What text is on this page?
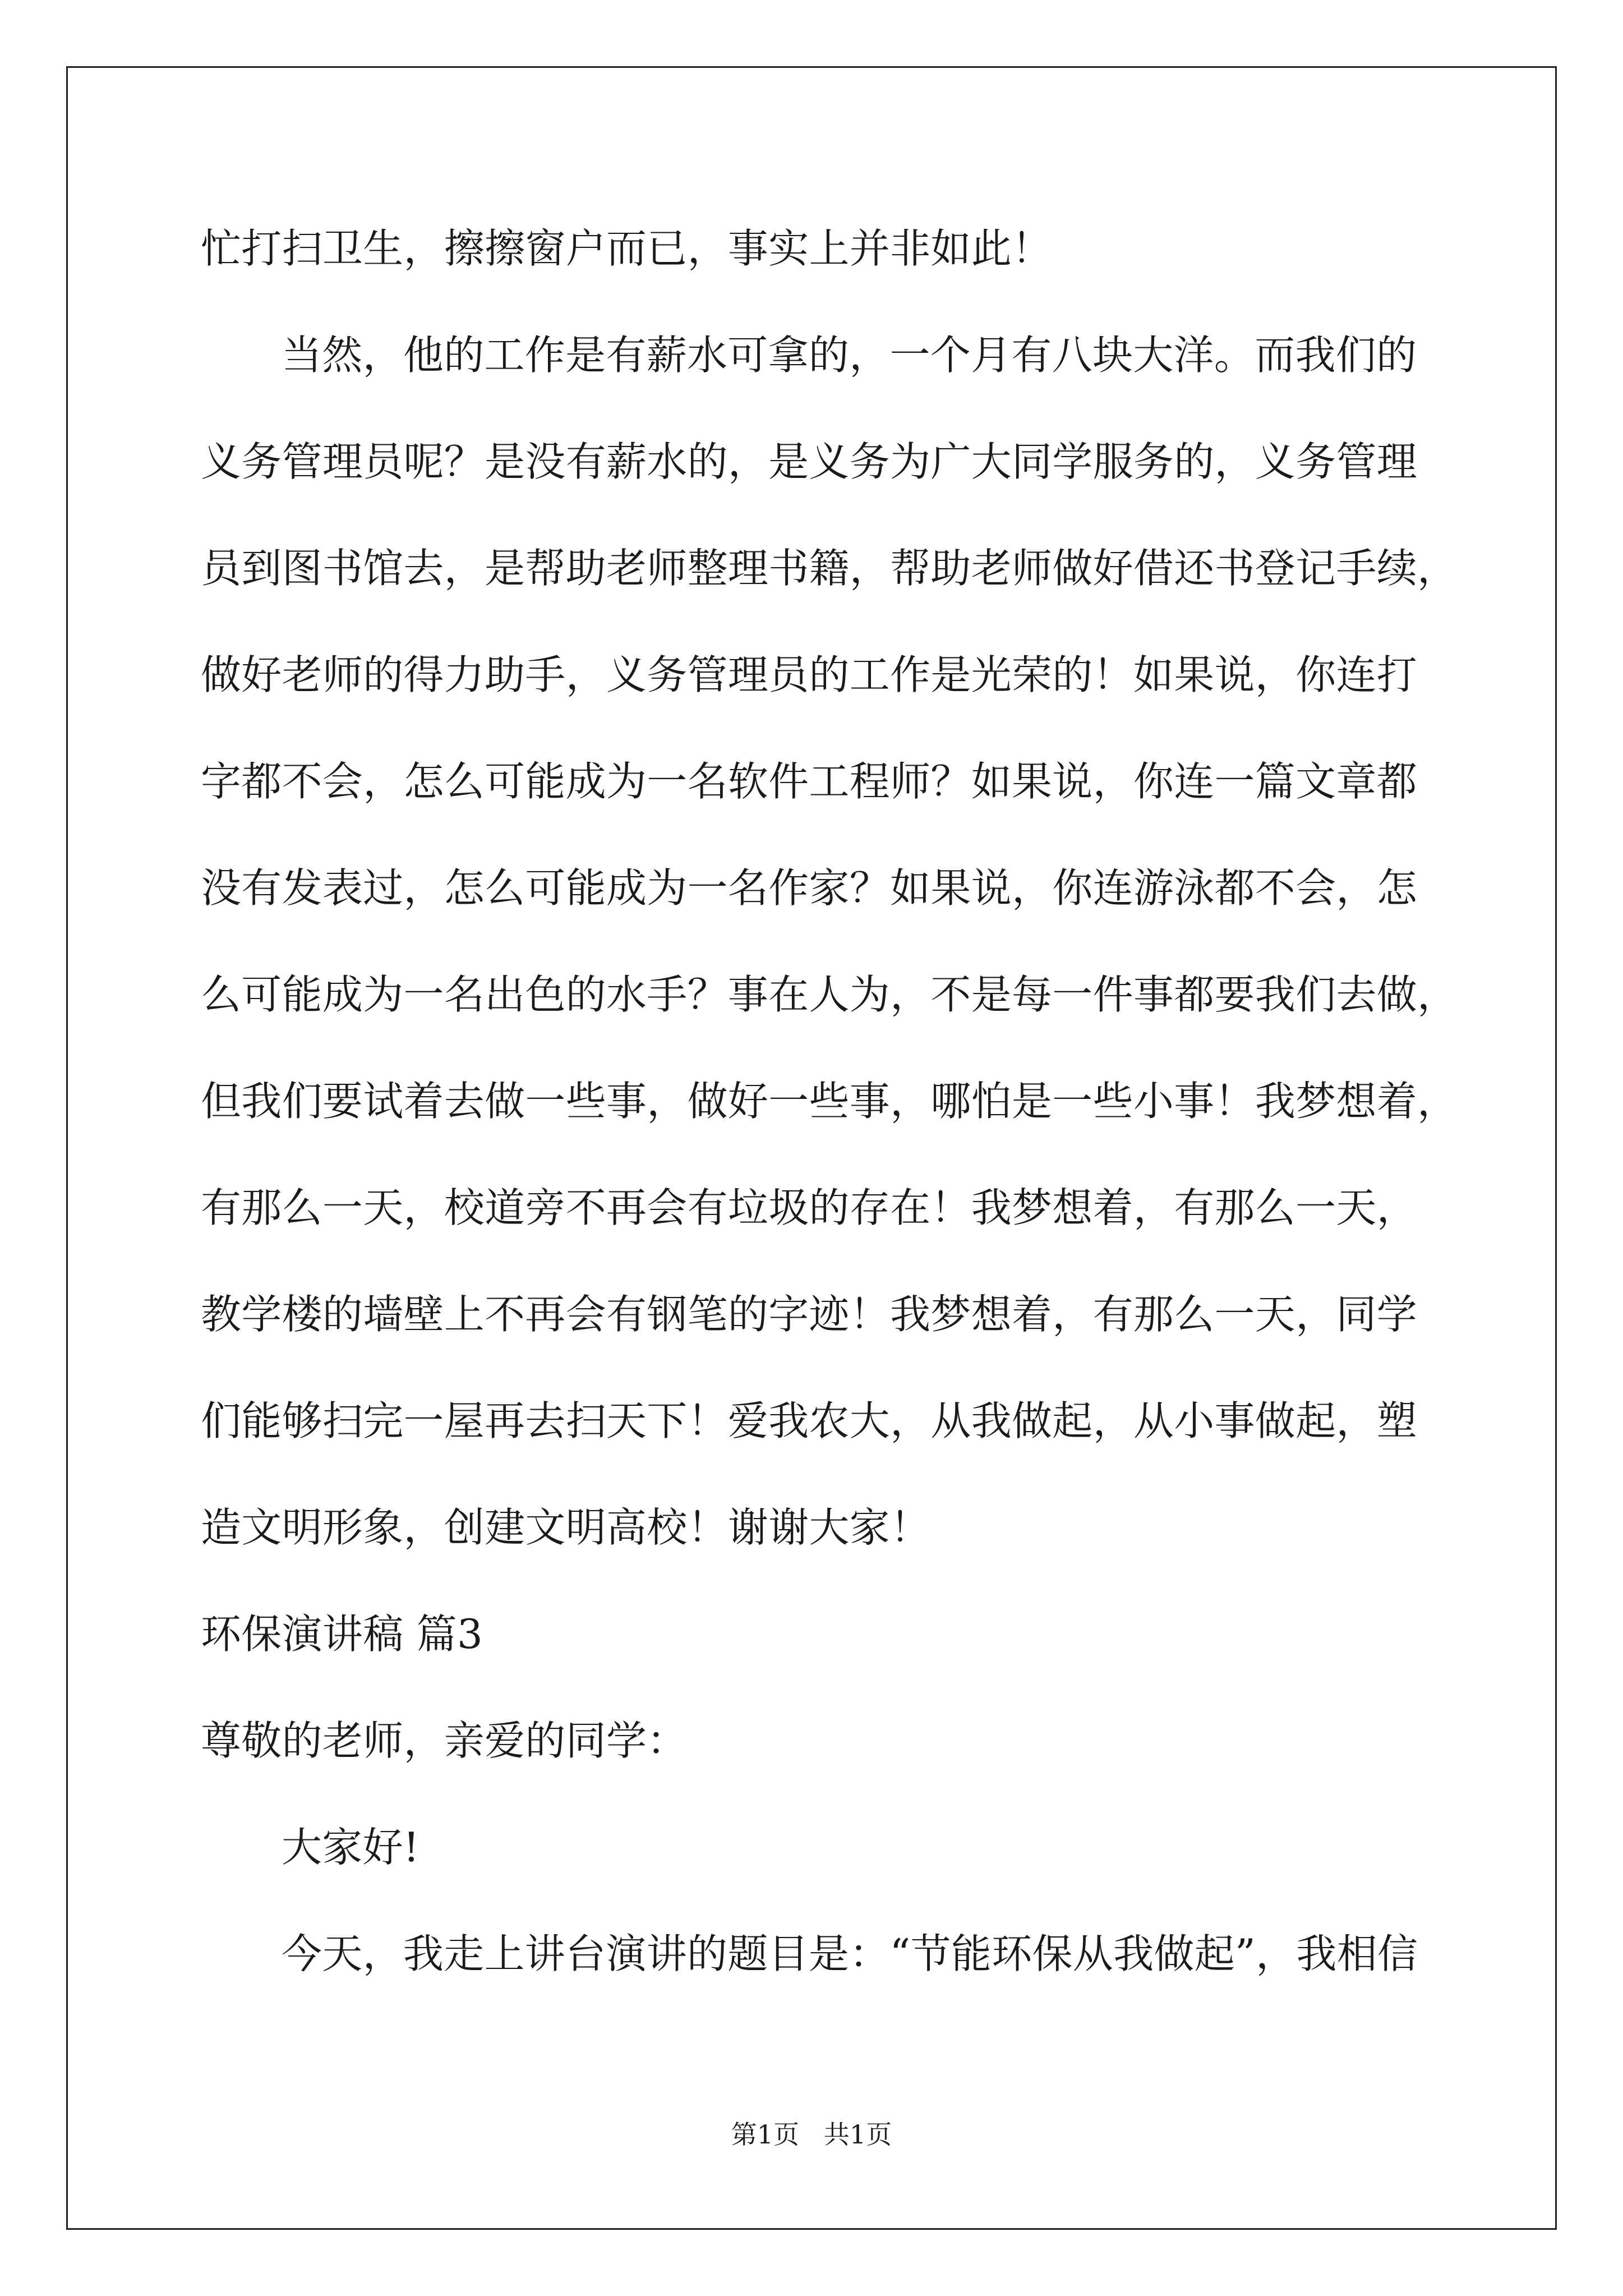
忙打扫卫生，擦擦窗户而已，事实上并非如此！
当然，他的工作是有薪水可拿的，一个月有八块大洋。而我们的
义务管理员呢？是没有薪水的，是义务为广大同学服务的，义务管理
员到图书馆去，是帮助老师整理书籍，帮助老师做好借还书登记手续，
做好老师的得力助手，义务管理员的工作是光荣的！如果说，你连打
字都不会，怎么可能成为一名软件工程师？如果说，你连一篇文章都
没有发表过，怎么可能成为一名作家？如果说，你连游泳都不会，怎
么可能成为一名出色的水手？事在人为，不是每一件事都要我们去做，
但我们要试着去做一些事，做好一些事，哪怕是一些小事！我梦想着，
有那么一天，校道旁不再会有垃圾的存在！我梦想着，有那么一天，
教学楼的墙壁上不再会有钢笔的字迹！我梦想着，有那么一天，同学
们能够扫完一屋再去扫天下！爱我农大，从我做起，从小事做起，塑
造文明形象，创建文明高校！谢谢大家！
环保演讲稿 篇3
尊敬的老师，亲爱的同学：
大家好!
今天，我走上讲台演讲的题目是：“节能环保从我做起”，我相信
第1页   共1页
